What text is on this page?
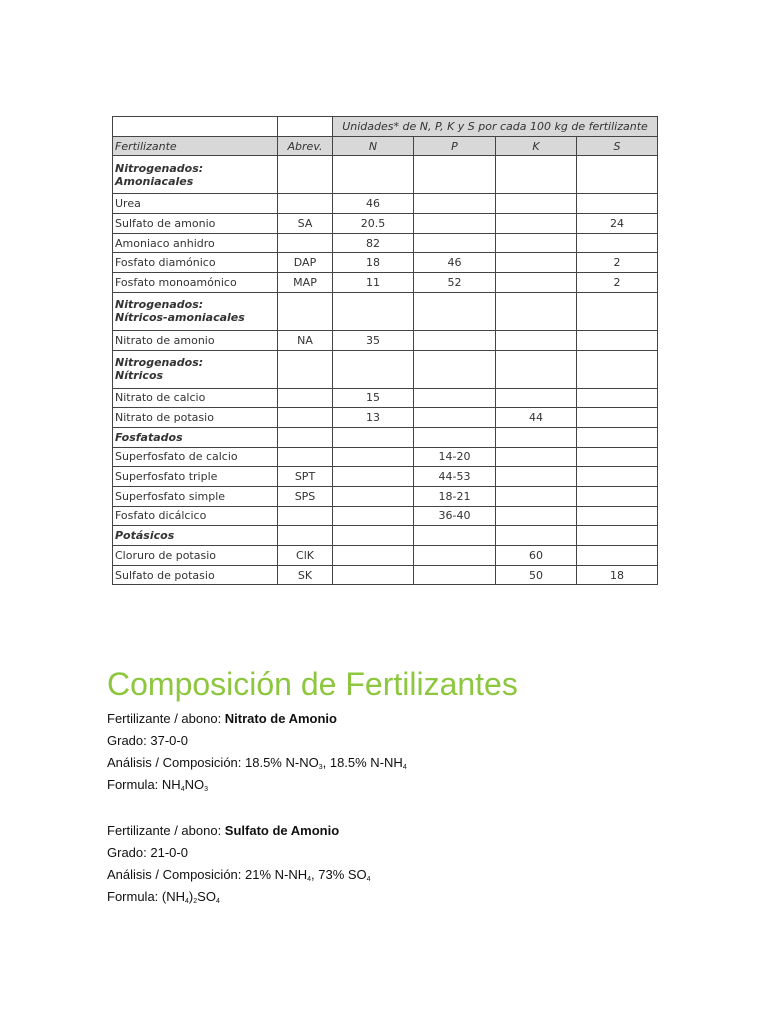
		Unidades* de N, P, K y S por cada 100 kg de fertilizante			
Fertilizante	Abrev.	N	P	K	S
Nitrogenados:
Amoniacales					
Urea		46			
Sulfato de amonio	SA	20.5			24
Amoniaco anhidro		82			
Fosfato diamónico	DAP	18	46		2
Fosfato monoamónico	MAP	11	52		2
Nitrogenados:
Nítricos-amoniacales					
Nitrato de amonio	NA	35			
Nitrogenados:
Nítricos					
Nitrato de calcio		15			
Nitrato de potasio		13		44	
Fosfatados					
Superfosfato de calcio			14-20		
Superfosfato triple	SPT		44-53		
Superfosfato simple	SPS		18-21		
Fosfato dicálcico			36-40		
Potásicos					
Cloruro de potasio	ClK			60	
Sulfato de potasio	SK			50	18
Composición de Fertilizantes

Fertilizante / abono: Nitrato de Amonio

Grado: 37-0-0

Análisis / Composición: 18.5% $N-NO_3$, 18.5% $N-NH_4$

Formula: $NH_4NO_3$

Fertilizante / abono: Sulfato de Amonio

Grado: 21-0-0

Análisis / Composición: 21% $N-NH_4$, 73% $SO_4$

Formula: $(NH_4)_2SO_4$
